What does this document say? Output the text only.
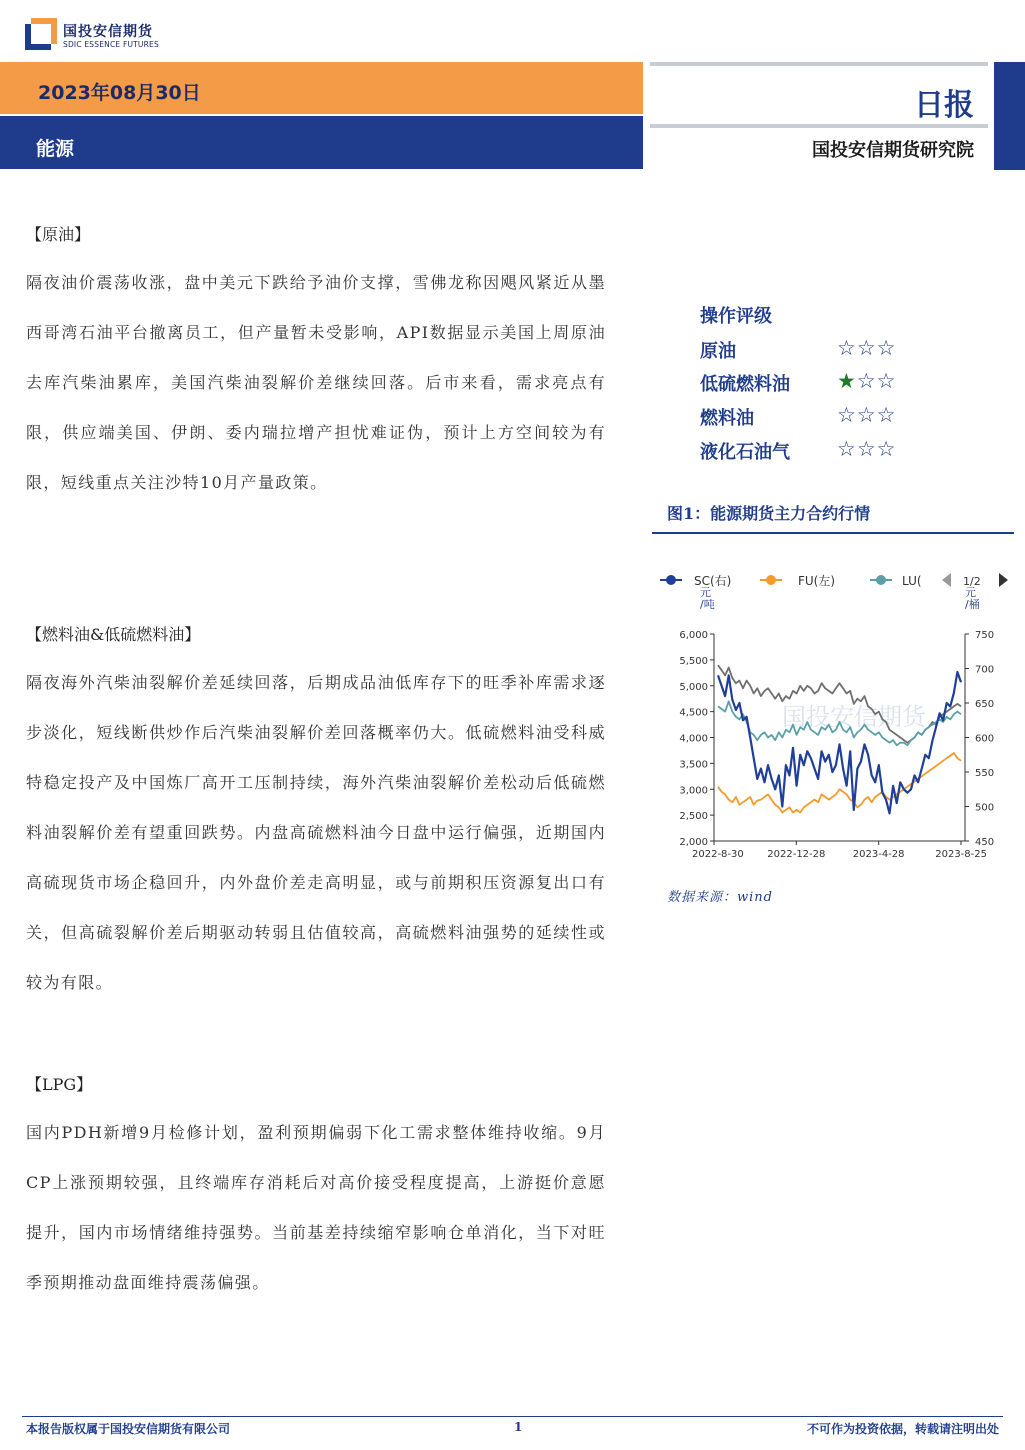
国投安信期货
SDIC ESSENCE FUTURES
2023年08月30日
能源
日报
国投安信期货研究院
【原油】
隔夜油价震荡收涨，盘中美元下跌给予油价支撑，雪佛龙称因飓风紧近从墨西哥湾石油平台撤离员工，但产量暂未受影响，API数据显示美国上周原油去库汽柴油累库，美国汽柴油裂解价差继续回落。后市来看，需求亮点有限，供应端美国、伊朗、委内瑞拉增产担忧难证伪，预计上方空间较为有限，短线重点关注沙特10月产量政策。
【燃料油&低硫燃料油】
隔夜海外汽柴油裂解价差延续回落，后期成品油低库存下的旺季补库需求逐步淡化，短线断供炒作后汽柴油裂解价差回落概率仍大。低硫燃料油受科威特稳定投产及中国炼厂高开工压制持续，海外汽柴油裂解价差松动后低硫燃料油裂解价差有望重回跌势。内盘高硫燃料油今日盘中运行偏强，近期国内高硫现货市场企稳回升，内外盘价差走高明显，或与前期积压资源复出口有关，但高硫裂解价差后期驱动转弱且估值较高，高硫燃料油强势的延续性或较为有限。
【LPG】
国内PDH新增9月检修计划，盈利预期偏弱下化工需求整体维持收缩。9月CP上涨预期较强，且终端库存消耗后对高价接受程度提高，上游挺价意愿提升，国内市场情绪维持强势。当前基差持续缩窄影响仓单消化，当下对旺季预期推动盘面维持震荡偏强。
操作评级
原油	☆☆☆
低硫燃料油 ★☆☆
燃料油	☆☆☆
液化石油气 ☆☆☆
图1：能源期货主力合约行情
SC(右)	FU(左)	LU(	1/2
元/吨
元/桶
国投安信期货
6,000
5,500
5,000
4,500
4,000
3,500
3,000
2,500
2,000
750
700
650
600
550
500
450
2022-8-30 2022-12-28	2023-4-28	2023-8-25
数据来源：wind
本报告版权属于国投安信期货有限公司	1	不可作为投资依据，转载请注明出处
